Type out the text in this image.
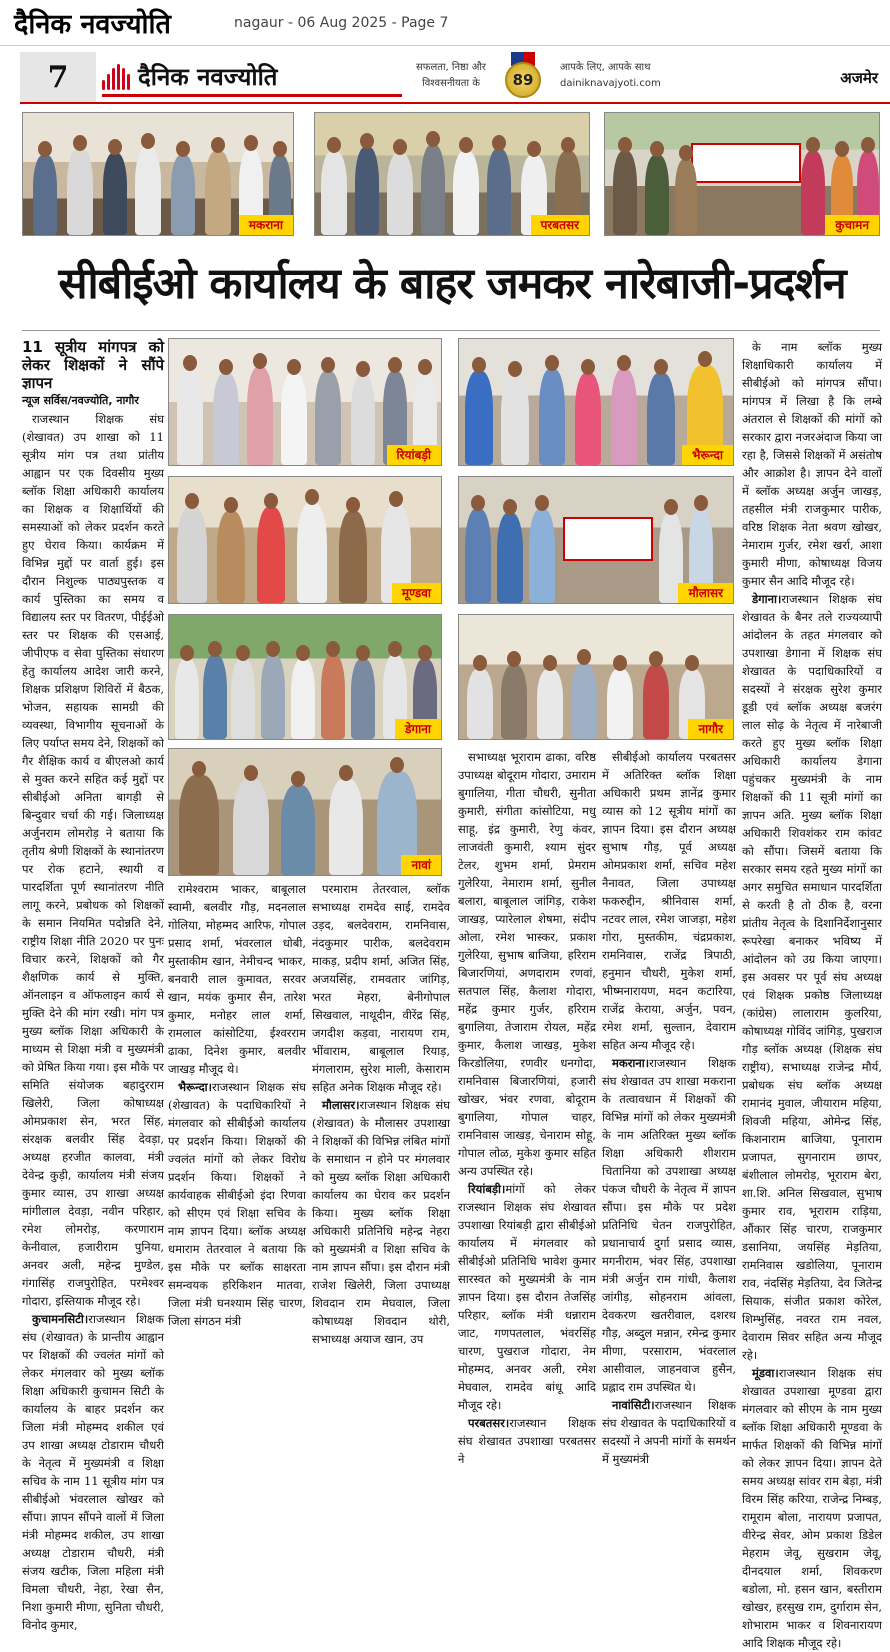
दैनिक नवज्योति	nagaur - 06 Aug 2025 - Page 7
7	दैनिक नवज्योति	सफलता, निष्ठा और
विश्वसनीयता के	89
आपके लिए, आपके साथ
dainiknavajyoti.com	अजमेर
मकराना	परबतसर	कुचामन
सीबीईओ कार्यालय के बाहर जमकर नारेबाजी-प्रदर्शन
11 सूत्रीय मांगपत्र को लेकर शिक्षकों ने सौंपे ज्ञापन
न्यूज सर्विस/नवज्योति, नागौर

राजस्थान शिक्षक संघ (शेखावत) उप शाखा को 11 सूत्रीय मांग पत्र तथा प्रांतीय आह्वान पर एक दिवसीय मुख्य ब्लॉक शिक्षा अधिकारी कार्यालय का शिक्षक व शिक्षार्थियों की समस्याओं को लेकर प्रदर्शन करते हुए घेराव किया। कार्यक्रम में विभिन्न मुद्दों पर वार्ता हुई। इस दौरान निशुल्क पाठ्यपुस्तक व कार्य पुस्तिका का समय व विद्यालय स्तर पर वितरण, पीईईओ स्तर पर शिक्षक की एसआई, जीपीएफ व सेवा पुस्तिका संधारण हेतु कार्यालय आदेश जारी करने, शिक्षक प्रशिक्षण शिविरों में बैठक, भोजन, सहायक सामग्री की व्यवस्था, विभागीय सूचनाओं के लिए पर्याप्त समय देने, शिक्षकों को गैर शैक्षिक कार्य व बीएलओ कार्य से मुक्त करने सहित कई मुद्दों पर सीबीईओ अनिता बागड़ी से बिन्दुवार चर्चा की गई। जिलाध्यक्ष अर्जुनराम लोमरोड़ ने बताया कि तृतीय श्रेणी शिक्षकों के स्थानांतरण पर रोक हटाने, स्थायी व पारदर्शिता पूर्ण स्थानांतरण नीति लागू करने, प्रबोधक को शिक्षकों के समान नियमित पदोन्नति देने, राष्ट्रीय शिक्षा नीति 2020 पर पुनः विचार करने, शिक्षकों को गैर शैक्षणिक कार्य से मुक्ति, ऑनलाइन व ऑफलाइन कार्य से मुक्ति देने की मांग रखी। मांग पत्र मुख्य ब्लॉक शिक्षा अधिकारी के माध्यम से शिक्षा मंत्री व मुख्यमंत्री को प्रेषित किया गया। इस मौके पर समिति संयोजक बहादुरराम खिलेरी, जिला कोषाध्यक्ष ओमप्रकाश सेन, भरत सिंह, संरक्षक बलवीर सिंह देवड़ा, अध्यक्ष हरजीत कालवा, मंत्री देवेन्द्र कुड़ी, कार्यालय मंत्री संजय कुमार व्यास, उप शाखा अध्यक्ष मांगीलाल देवड़ा, नवीन परिहार, रमेश लोमरोड़, करणाराम केनीवाल, हजारीराम पुनिया, अनवर अली, महेन्द्र मुण्डेल, गंगासिंह राजपुरोहित, परमेश्वर गोदारा, इस्तियाक मौजूद रहे।

कुचामनसिटी।राजस्थान शिक्षक संघ (शेखावत) के प्रान्तीय आह्वान पर शिक्षकों की ज्वलंत मांगों को लेकर मंगलवार को मुख्य ब्लॉक शिक्षा अधिकारी कुचामन सिटी के कार्यालय के बाहर प्रदर्शन कर जिला मंत्री मोहम्मद शकील एवं उप शाखा अध्यक्ष टोडाराम चौधरी के नेतृत्व में मुख्यमंत्री व शिक्षा सचिव के नाम 11 सूत्रीय मांग पत्र सीबीईओ भंवरलाल खोखर को सौंपा। ज्ञापन सौंपने वालों में जिला मंत्री मोहम्मद शकील, उप शाखा अध्यक्ष टोडाराम चौधरी, मंत्री संजय खटीक, जिला महिला मंत्री विमला चौधरी, नेहा, रेखा सैन, निशा कुमारी मीणा, सुनिता चौधरी, विनोद कुमार,

रियांबड़ी	भैरून्दा
मूण्डवा	मौलासर
डेगाना	नागौर
नावां

रामेश्वराम भाकर, बाबूलाल स्वामी, बलवीर गौड़, मदनलाल गोलिया, मोहम्मद आरिफ, गोपाल प्रसाद शर्मा, भंवरलाल धोबी, मुस्ताकीम खान, नेमीचन्द भाकर, बनवारी लाल कुमावत, सरवर खान, मयंक कुमार सैन, तारेश कुमार, मनोहर लाल शर्मा, रामलाल कांसोटिया, ईश्वरराम ढाका, दिनेश कुमार, बलवीर जाखड़ मौजूद थे।

भैरून्दा।राजस्थान शिक्षक संघ (शेखावत) के पदाधिकारियों ने मंगलवार को सीबीईओ कार्यालय पर प्रदर्शन किया। शिक्षकों की ज्वलंत मांगों को लेकर विरोध प्रदर्शन किया। शिक्षकों ने कार्यवाहक सीबीईओ इंदा रिणवा को सीएम एवं शिक्षा सचिव के नाम ज्ञापन दिया। ब्लॉक अध्यक्ष धमाराम तेतरवाल ने बताया कि इस मौके पर ब्लॉक साक्षरता समन्वयक हरिकिशन मातवा, जिला मंत्री घनश्याम सिंह चारण, जिला संगठन मंत्री

परमाराम तेतरवाल, ब्लॉक सभाध्यक्ष रामदेव साई, रामदेव उड़द, बलदेवराम, रामनिवास, नंदकुमार पारीक, बलदेवराम माकड़, प्रदीप शर्मा, अजित सिंह, अजयसिंह, रामवतार जांगिड़, भरत मेहरा, बेनीगोपाल सिखवाल, नाथूदीन, वीरेंद्र सिंह, जगदीश कड़वा, नारायण राम, भींवाराम, बाबूलाल रियाड़, मंगलाराम, सुरेश माली, केसाराम सहित अनेक शिक्षक मौजूद रहे।

मौलासर।राजस्थान शिक्षक संघ (शेखावत) के मौलासर उपशाखा ने शिक्षकों की विभिन्न लंबित मांगों के समाधान न होने पर मंगलवार को मुख्य ब्लॉक शिक्षा अधिकारी कार्यालय का घेराव कर प्रदर्शन किया। मुख्य ब्लॉक शिक्षा अधिकारी प्रतिनिधि महेन्द्र नेहरा को मुख्यमंत्री व शिक्षा सचिव के नाम ज्ञापन सौंपा। इस दौरान मंत्री राजेश खिलेरी, जिला उपाध्यक्ष शिवदान राम मेघवाल, जिला कोषाध्यक्ष शिवदान थोरी, सभाध्यक्ष अयाज खान, उप

सभाध्यक्ष भूराराम ढाका, वरिष्ठ उपाध्यक्ष बोदूराम गोदारा, उमाराम बुगालिया, गीता चौधरी, सुनीता कुमारी, संगीता कांसोटिया, मधु साहू, इंद्र कुमारी, रेणु कंवर, लाजवंती कुमारी, श्याम सुंदर टेलर, शुभम शर्मा, प्रेमराम गुलेरिया, नेमाराम शर्मा, सुनील बलारा, बाबूलाल जांगिड़, राकेश जाखड़, प्यारेलाल शेषमा, संदीप ओला, रमेश भास्कर, प्रकाश गुलेरिया, सुभाष बाजिया, हरिराम बिजारणियां, अणदाराम रणवां, सतपाल सिंह, कैलाश गोदारा, महेंद्र कुमार गुर्जर, हरिराम बुगालिया, तेजाराम रोयल, महेंद्र कुमार, कैलाश जाखड़, मुकेश किरडोलिया, रणवीर धनगोदा, रामनिवास बिजारणियां, हजारी खोखर, भंवर रणवा, बोदूराम बुगालिया, गोपाल चाहर, रामनिवास जाखड़, चेनाराम सोहू, गोपाल लोळ, मुकेश कुमार सहित अन्य उपस्थित रहे।

रियांबड़ी।मांगों को लेकर राजस्थान शिक्षक संघ शेखावत उपशाखा रियांबड़ी द्वारा सीबीईओ कार्यालय में मंगलवार को सीबीईओ प्रतिनिधि भावेश कुमार सारस्वत को मुख्यमंत्री के नाम ज्ञापन दिया। इस दौरान तेजसिंह परिहार, ब्लॉक मंत्री धन्नाराम जाट, गणपतलाल, भंवरसिंह चारण, पुखराज गोदारा, नेम मोहम्मद, अनवर अली, रमेश मेघवाल, रामदेव बांधू आदि मौजूद रहे।

परबतसर।राजस्थान शिक्षक संघ शेखावत उपशाखा परबतसर ने

सीबीईओ कार्यालय परबतसर में अतिरिक्त ब्लॉक शिक्षा अधिकारी प्रथम ज्ञानेंद्र कुमार व्यास को 12 सूत्रीय मांगों का ज्ञापन दिया। इस दौरान अध्यक्ष सुभाष गौड़, पूर्व अध्यक्ष ओमप्रकाश शर्मा, सचिव महेश नैनावत, जिला उपाध्यक्ष फकरुद्दीन, श्रीनिवास शर्मा, नटवर लाल, रमेश जाजड़ा, महेश गोरा, मुस्तकीम, चंद्रप्रकाश, रामनिवास, राजेंद्र त्रिपाठी, हनुमान चौधरी, मुकेश शर्मा, भीष्मनारायण, मदन कटारिया, राजेंद्र केराया, अर्जुन, पवन, रमेश शर्मा, सुल्तान, देवाराम सहित अन्य मौजूद रहे।

मकराना।राजस्थान शिक्षक संघ शेखावत उप शाखा मकराना के तत्वावधान में शिक्षकों की विभिन्न मांगों को लेकर मुख्यमंत्री के नाम अतिरिक्त मुख्य ब्लॉक शिक्षा अधिकारी शीशराम चितानिया को उपशाखा अध्यक्ष पंकज चौधरी के नेतृत्व में ज्ञापन सौंपा। इस मौके पर प्रदेश प्रतिनिधि चेतन राजपुरोहित, प्रधानाचार्य दुर्गा प्रसाद व्यास, मगनीराम, भंवर सिंह, उपशाखा मंत्री अर्जुन राम गांधी, कैलाश जांगीड़, सोहनराम आंवला, देवकरण खतरीवाल, दशरथ गौड़, अब्दुल मन्नान, रमेन्द्र कुमार मीणा, परसाराम, भंवरलाल आसीवाल, जाहनवाज हुसैन, प्रह्लाद राम उपस्थित थे।

नावांसिटी।राजस्थान शिक्षक संघ शेखावत के पदाधिकारियों व सदस्यों ने अपनी मांगों के समर्थन में मुख्यमंत्री

के नाम ब्लॉक मुख्य शिक्षाधिकारी कार्यालय में सीबीईओ को मांगपत्र सौंपा। मांगपत्र में लिखा है कि लम्बे अंतराल से शिक्षकों की मांगों को सरकार द्वारा नजरअंदाज किया जा रहा है, जिससे शिक्षकों में असंतोष और आक्रोश है। ज्ञापन देने वालों में ब्लॉक अध्यक्ष अर्जुन जाखड़, तहसील मंत्री राजकुमार पारीक, वरिष्ठ शिक्षक नेता श्रवण खोखर, नेमाराम गुर्जर, रमेश खर्रा, आशा कुमारी मीणा, कोषाध्यक्ष विजय कुमार सैन आदि मौजूद रहे।

डेगाना।राजस्थान शिक्षक संघ शेखावत के बैनर तले राज्यव्यापी आंदोलन के तहत मंगलवार को उपशाखा डेगाना में शिक्षक संघ शेखावत के पदाधिकारियों व सदस्यों ने संरक्षक सुरेश कुमार डूडी एवं ब्लॉक अध्यक्ष बजरंग लाल सोढ़ के नेतृत्व में नारेबाजी करते हुए मुख्य ब्लॉक शिक्षा अधिकारी कार्यालय डेगाना पहुंचकर मुख्यमंत्री के नाम शिक्षकों की 11 सूत्री मांगों का ज्ञापन अति. मुख्य ब्लॉक शिक्षा अधिकारी शिवशंकर राम कांवट को सौंपा। जिसमें बताया कि सरकार समय रहते मुख्य मांगों का अगर समुचित समाधान पारदर्शिता से करती है तो ठीक है, वरना प्रांतीय नेतृत्व के दिशानिर्देशानुसार रूपरेखा बनाकर भविष्य में आंदोलन को उग्र किया जाएगा। इस अवसर पर पूर्व संघ अध्यक्ष एवं शिक्षक प्रकोष्ठ जिलाध्यक्ष (कांग्रेस) लालाराम कुलरिया, कोषाध्यक्ष गोविंद जांगिड़, पुखराज गौड़ ब्लॉक अध्यक्ष (शिक्षक संघ राष्ट्रीय), सभाध्यक्ष राजेन्द्र मौर्य, प्रबोधक संघ ब्लॉक अध्यक्ष रामानंद मुवाल, जीयाराम महिया, शिवजी महिया, ओमेन्द्र सिंह, किशनाराम बाजिया, पूनाराम प्रजापत, सुगनाराम छापर, बंशीलाल लोमरोड़, भूराराम बेरा, शा.शि. अनिल सिखवाल, सुभाष कुमार राव, भूराराम राड़िया, औंकार सिंह चारण, राजकुमार डसानिया, जयसिंह मेड़तिया, रामनिवास खडोलिया, पूनाराम राव, नंदसिंह मेड़तिया, देव जितेन्द्र सियाक, संजीत प्रकाश कोरेल, शिम्भुसिंह, नवरत राम नवल, देवाराम सिवर सहित अन्य मौजूद रहे।

मूंडवा।राजस्थान शिक्षक संघ शेखावत उपशाखा मूण्डवा द्वारा मंगलवार को सीएम के नाम मुख्य ब्लॉक शिक्षा अधिकारी मूण्डवा के मार्फत शिक्षकों की विभिन्न मांगों को लेकर ज्ञापन दिया। ज्ञापन देते समय अध्यक्ष सांवर राम बेड़ा, मंत्री विरम सिंह करिया, राजेन्द्र निम्बड़, रामूराम बोला, नारायण प्रजापत, वीरेन्द्र सेवर, ओम प्रकाश डिडेल मेहराम जेवू, सुखराम जेवू, दीनदयाल शर्मा, शिवकरण बडोला, मो. हसन खान, बस्तीराम खोखर, हरसुख राम, दुर्गाराम सेन, शोभाराम भाकर व शिवनारायण आदि शिक्षक मौजूद रहे।
